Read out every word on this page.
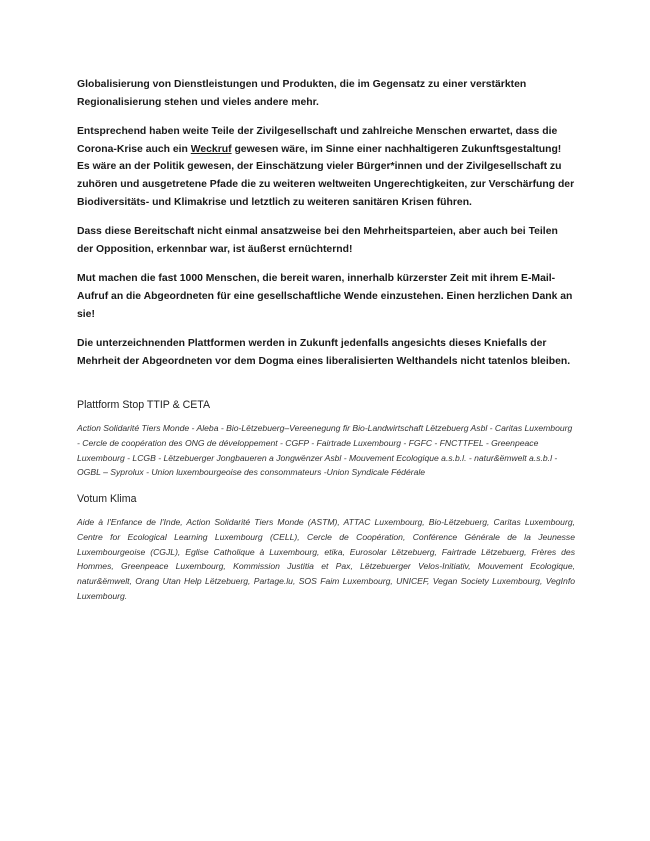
Globalisierung von Dienstleistungen und Produkten, die im Gegensatz zu einer verstärkten Regionalisierung stehen und vieles andere mehr.

Entsprechend haben weite Teile der Zivilgesellschaft und zahlreiche Menschen erwartet, dass die Corona-Krise auch ein Weckruf gewesen wäre, im Sinne einer nachhaltigeren Zukunftsgestaltung! Es wäre an der Politik gewesen, der Einschätzung vieler Bürger*innen und der Zivilgesellschaft zu zuhören und ausgetretene Pfade die zu weiteren weltweiten Ungerechtigkeiten, zur Verschärfung der Biodiversitäts- und Klimakrise und letztlich zu weiteren sanitären Krisen führen.

Dass diese Bereitschaft nicht einmal ansatzweise bei den Mehrheitsparteien, aber auch bei Teilen der Opposition, erkennbar war, ist äußerst ernüchternd!

Mut machen die fast 1000 Menschen, die bereit waren, innerhalb kürzerster Zeit mit ihrem E-Mail-Aufruf an die Abgeordneten für eine gesellschaftliche Wende einzustehen. Einen herzlichen Dank an sie!

Die unterzeichnenden Plattformen werden in Zukunft jedenfalls angesichts dieses Kniefalls der Mehrheit der Abgeordneten vor dem Dogma eines liberalisierten Welthandels nicht tatenlos bleiben.

Plattform Stop TTIP & CETA
Action Solidarité Tiers Monde - Aleba - Bio-Lëtzebuerg–Vereenegung fir Bio-Landwirtschaft Lëtzebuerg Asbl - Caritas Luxembourg - Cercle de coopération des ONG de développement - CGFP - Fairtrade Luxembourg - FGFC - FNCTTFEL - Greenpeace Luxembourg - LCGB - Lëtzebuerger Jongbaueren a Jongwënzer Asbl - Mouvement Ecologique a.s.b.l. - natur&ëmwelt a.s.b.l - OGBL – Syprolux - Union luxembourgeoise des consommateurs -Union Syndicale Fédérale
Votum Klima
Aide à l'Enfance de l'Inde, Action Solidarité Tiers Monde (ASTM), ATTAC Luxembourg, Bio-Lëtzebuerg, Caritas Luxembourg, Centre for Ecological Learning Luxembourg (CELL), Cercle de Coopération, Conférence Générale de la Jeunesse Luxembourgeoise (CGJL), Eglise Catholique à Luxembourg, etika, Eurosolar Lëtzebuerg, Fairtrade Lëtzebuerg, Frères des Hommes, Greenpeace Luxembourg, Kommission Justitia et Pax, Lëtzebuerger Velos-Initiativ, Mouvement Ecologique, natur&ëmwelt, Orang Utan Help Lëtzebuerg, Partage.lu, SOS Faim Luxembourg, UNICEF, Vegan Society Luxembourg, VegInfo Luxembourg.
